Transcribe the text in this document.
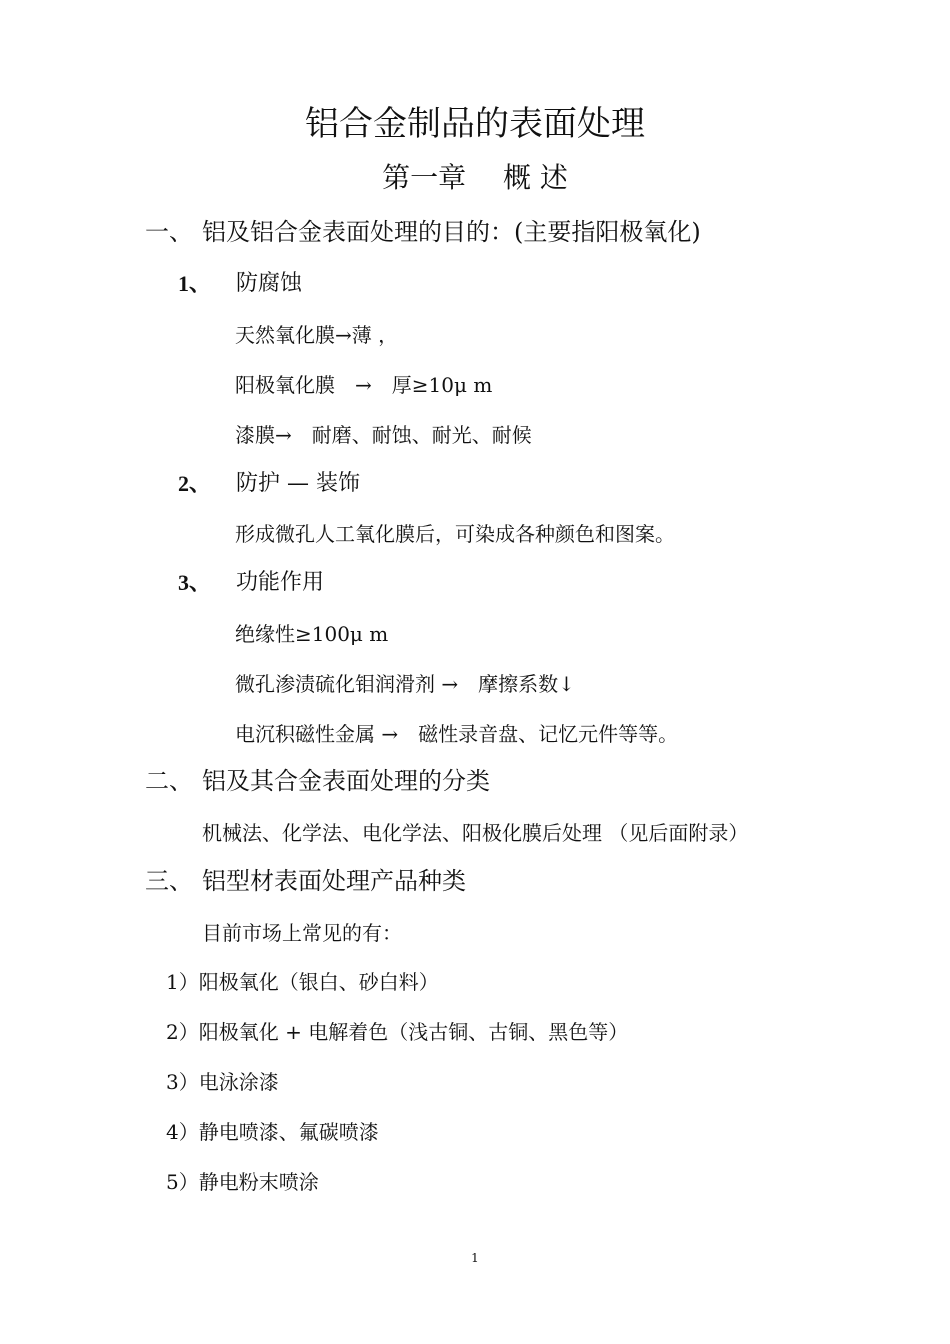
铝合金制品的表面处理
第一章　 概 述
一、 铝及铝合金表面处理的目的：(主要指阳极氧化)
1、 防腐蚀
天然氧化膜→薄 ，
阳极氧化膜　→　厚≥10μ m
漆膜→　耐磨、耐蚀、耐光、耐候
2、 防护 — 装饰
形成微孔人工氧化膜后，可染成各种颜色和图案。
3、 功能作用
绝缘性≥100μ m
微孔渗渍硫化钼润滑剂 →　摩擦系数↓
电沉积磁性金属 →　磁性录音盘、记忆元件等等。
二、 铝及其合金表面处理的分类
机械法、化学法、电化学法、阳极化膜后处理 （见后面附录）
三、 铝型材表面处理产品种类
目前市场上常见的有：
1）阳极氧化（银白、砂白料）
2）阳极氧化 + 电解着色（浅古铜、古铜、黑色等）
3）电泳涂漆
4）静电喷漆、氟碳喷漆
5）静电粉末喷涂
1
